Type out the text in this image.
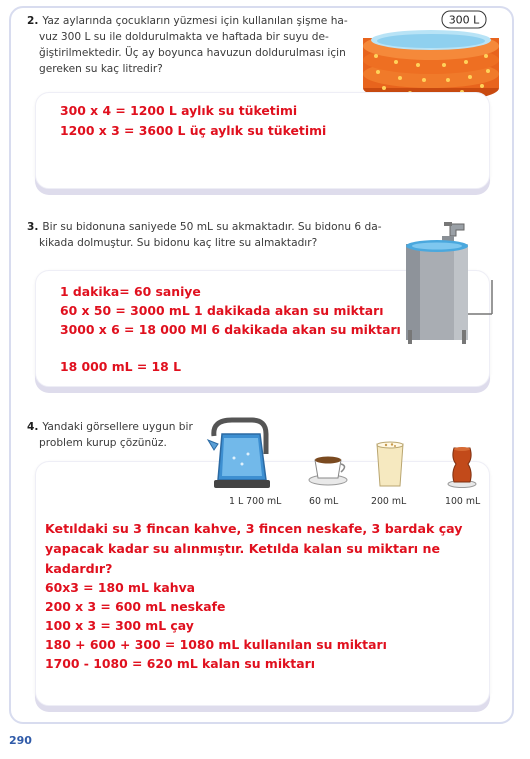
2. Yaz aylarında çocukların yüzmesi için kullanılan şişme ha-
vuz 300 L su ile doldurulmakta ve haftada bir suyu de-
ğiştirilmektedir. Üç ay boyunca havuzun doldurulması için
gereken su kaç litredir?
300 L
300 x 4 = 1200 L aylık su tüketimi
1200 x 3 = 3600 L üç aylık su tüketimi
3. Bir su bidonuna saniyede 50 mL su akmaktadır. Su bidonu 6 da-
kikada dolmuştur. Su bidonu kaç litre su almaktadır?
1 dakika= 60 saniye
60 x 50 = 3000 mL 1 dakikada akan su miktarı
3000 x 6 = 18 000 Ml 6 dakikada akan su miktarı
18 000 mL = 18 L
4. Yandaki görsellere uygun bir
problem kurup çözünüz.
1 L 700 mL	60 mL	200 mL	100 mL
Ketıldaki su 3 fincan kahve, 3 fincen neskafe, 3 bardak çay yapacak kadar su alınmıştır. Ketılda kalan su miktarı ne kadardır?
60x3 = 180 mL kahva
200 x 3 = 600 mL neskafe
100 x 3 = 300 mL çay
180 + 600 + 300 = 1080 mL kullanılan su miktarı
1700 - 1080 = 620 mL kalan su miktarı
290
